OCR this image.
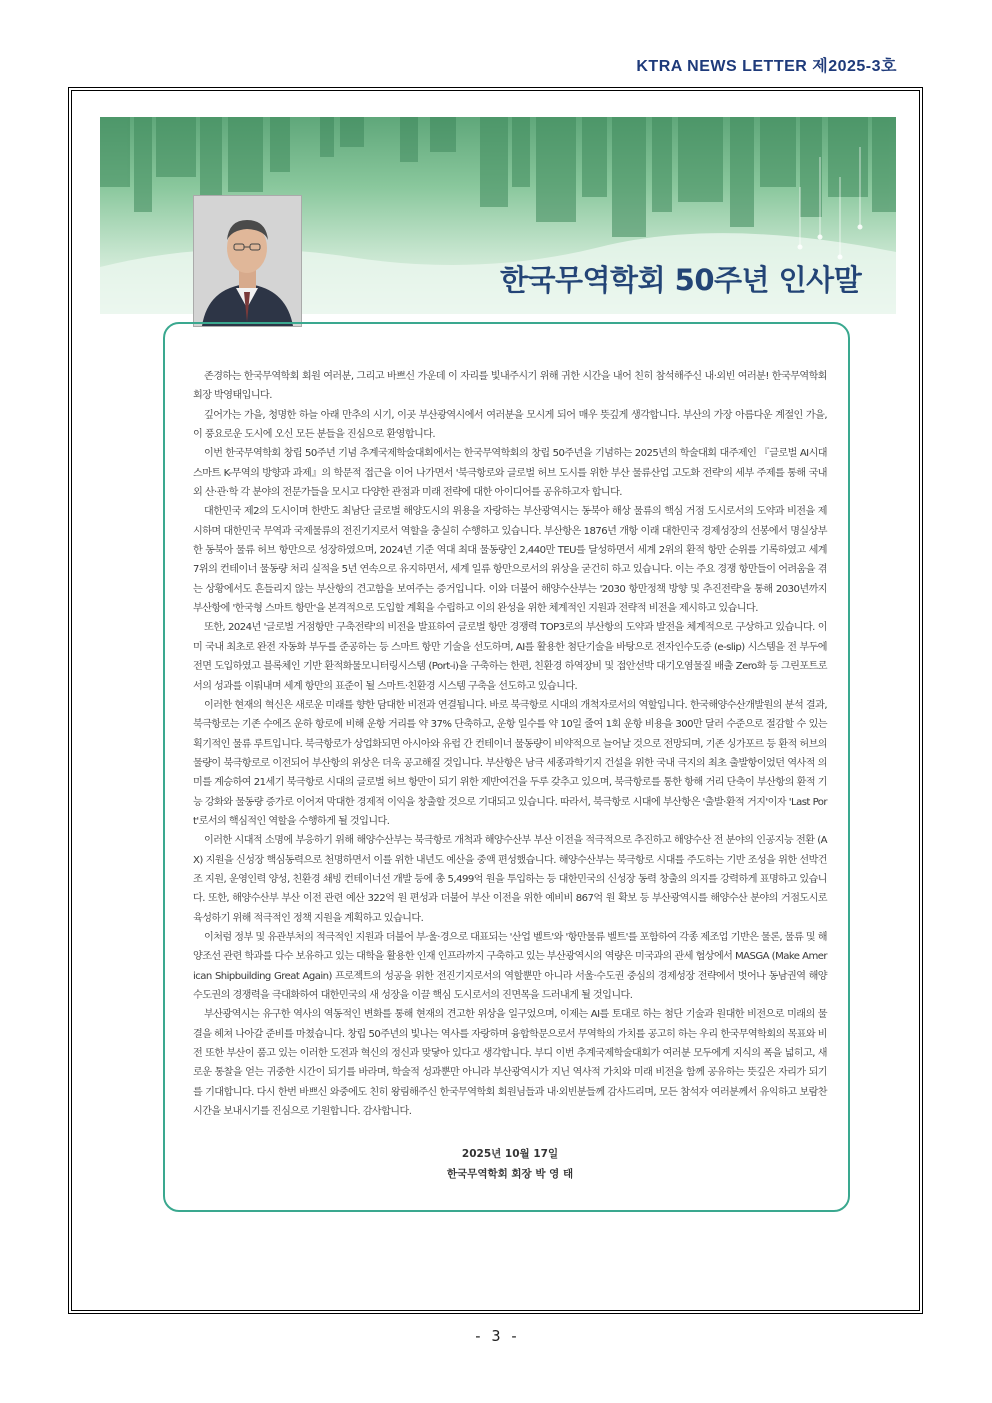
KTRA NEWS LETTER 제2025-3호
한국무역학회 50주년 인사말

존경하는 한국무역학회 회원 여러분, 그리고 바쁘신 가운데 이 자리를 빛내주시기 위해 귀한 시간을 내어 친히 참석해주신 내·외빈 여러분! 한국무역학회 회장 박영태입니다.

깊어가는 가을, 청명한 하늘 아래 만추의 시기, 이곳 부산광역시에서 여러분을 모시게 되어 매우 뜻깊게 생각합니다. 부산의 가장 아름다운 계절인 가을, 이 풍요로운 도시에 오신 모든 분들을 진심으로 환영합니다.

이번 한국무역학회 창립 50주년 기념 추계국제학술대회에서는 한국무역학회의 창립 50주년을 기념하는 2025년의 학술대회 대주제인 『글로벌 AI시대 스마트 K-무역의 방향과 과제』의 학문적 접근을 이어 나가면서 '북극항로와 글로벌 허브 도시를 위한 부산 물류산업 고도화 전략'의 세부 주제를 통해 국내외 산·관·학 각 분야의 전문가들을 모시고 다양한 관점과 미래 전략에 대한 아이디어를 공유하고자 합니다.

대한민국 제2의 도시이며 한반도 최남단 글로벌 해양도시의 위용을 자랑하는 부산광역시는 동북아 해상 물류의 핵심 거점 도시로서의 도약과 비전을 제시하며 대한민국 무역과 국제물류의 전진기지로서 역할을 충실히 수행하고 있습니다. 부산항은 1876년 개항 이래 대한민국 경제성장의 선봉에서 명실상부한 동북아 물류 허브 항만으로 성장하였으며, 2024년 기준 역대 최대 물동량인 2,440만 TEU를 달성하면서 세계 2위의 환적 항만 순위를 기록하였고 세계 7위의 컨테이너 물동량 처리 실적을 5년 연속으로 유지하면서, 세계 일류 항만으로서의 위상을 굳건히 하고 있습니다. 이는 주요 경쟁 항만들이 어려움을 겪는 상황에서도 흔들리지 않는 부산항의 견고함을 보여주는 증거입니다. 이와 더불어 해양수산부는 '2030 항만정책 방향 및 추진전략'을 통해 2030년까지 부산항에 '한국형 스마트 항만'을 본격적으로 도입할 계획을 수립하고 이의 완성을 위한 체계적인 지원과 전략적 비전을 제시하고 있습니다.

또한, 2024년 '글로벌 거점항만 구축전략'의 비전을 발표하여 글로벌 항만 경쟁력 TOP3로의 부산항의 도약과 발전을 체계적으로 구상하고 있습니다. 이미 국내 최초로 완전 자동화 부두를 준공하는 등 스마트 항만 기술을 선도하며, AI를 활용한 첨단기술을 바탕으로 전자인수도증 (e-slip) 시스템을 전 부두에 전면 도입하였고 블록체인 기반 환적화물모니터링시스템 (Port-i)을 구축하는 한편, 친환경 하역장비 및 접안선박 대기오염물질 배출 Zero화 등 그린포트로서의 성과를 이뤄내며 세계 항만의 표준이 될 스마트·친환경 시스템 구축을 선도하고 있습니다.

이러한 현재의 혁신은 새로운 미래를 향한 담대한 비전과 연결됩니다. 바로 북극항로 시대의 개척자로서의 역할입니다. 한국해양수산개발원의 분석 결과, 북극항로는 기존 수에즈 운하 항로에 비해 운항 거리를 약 37% 단축하고, 운항 일수를 약 10일 줄여 1회 운항 비용을 300만 달러 수준으로 절감할 수 있는 획기적인 물류 루트입니다. 북극항로가 상업화되면 아시아와 유럽 간 컨테이너 물동량이 비약적으로 늘어날 것으로 전망되며, 기존 싱가포르 등 환적 허브의 물량이 북극항로로 이전되어 부산항의 위상은 더욱 공고해질 것입니다. 부산항은 남극 세종과학기지 건설을 위한 국내 극지의 최초 출발항이었던 역사적 의미를 계승하여 21세기 북극항로 시대의 글로벌 허브 항만이 되기 위한 제반여건을 두루 갖추고 있으며, 북극항로를 통한 항해 거리 단축이 부산항의 환적 기능 강화와 물동량 증가로 이어져 막대한 경제적 이익을 창출할 것으로 기대되고 있습니다. 따라서, 북극항로 시대에 부산항은 '출발·환적 거지'이자 'Last Port'로서의 핵심적인 역할을 수행하게 될 것입니다.

이러한 시대적 소명에 부응하기 위해 해양수산부는 북극항로 개척과 해양수산부 부산 이전을 적극적으로 추진하고 해양수산 전 분야의 인공지능 전환 (AX) 지원을 신성장 핵심동력으로 천명하면서 이를 위한 내년도 예산을 중액 편성했습니다. 해양수산부는 북극항로 시대를 주도하는 기반 조성을 위한 선박건조 지원, 운영인력 양성, 친환경 쇄빙 컨테이너선 개발 등에 총 5,499억 원을 투입하는 등 대한민국의 신성장 동력 창출의 의지를 강력하게 표명하고 있습니다. 또한, 해양수산부 부산 이전 관련 예산 322억 원 편성과 더불어 부산 이전을 위한 예비비 867억 원 확보 등 부산광역시를 해양수산 분야의 거점도시로 육성하기 위해 적극적인 정책 지원을 계획하고 있습니다.

이처럼 정부 및 유관부처의 적극적인 지원과 더불어 부·울·경으로 대표되는 '산업 벨트'와 '항만물류 벨트'를 포함하여 각종 제조업 기반은 물론, 물류 및 해양조선 관련 학과를 다수 보유하고 있는 대학을 활용한 인재 인프라까지 구축하고 있는 부산광역시의 역량은 미국과의 관세 협상에서 MASGA (Make American Shipbuilding Great Again) 프로젝트의 성공을 위한 전진기지로서의 역할뿐만 아니라 서울·수도권 중심의 경제성장 전략에서 벗어나 동남권역 해양 수도권의 경쟁력을 극대화하여 대한민국의 새 성장을 이끌 핵심 도시로서의 진면목을 드러내게 될 것입니다.

부산광역시는 유구한 역사의 역동적인 변화를 통해 현재의 견고한 위상을 일구었으며, 이제는 AI를 토대로 하는 첨단 기술과 원대한 비전으로 미래의 물결을 헤쳐 나아갈 준비를 마쳤습니다. 창립 50주년의 빛나는 역사를 자랑하며 융합학문으로서 무역학의 가치를 공고히 하는 우리 한국무역학회의 목표와 비전 또한 부산이 품고 있는 이러한 도전과 혁신의 정신과 맞닿아 있다고 생각합니다. 부디 이번 추계국제학술대회가 여러분 모두에게 지식의 폭을 넓히고, 새로운 통찰을 얻는 귀중한 시간이 되기를 바라며, 학술적 성과뿐만 아니라 부산광역시가 지닌 역사적 가치와 미래 비전을 함께 공유하는 뜻깊은 자리가 되기를 기대합니다. 다시 한번 바쁘신 와중에도 친히 왕림해주신 한국무역학회 회원님들과 내·외빈분들께 감사드리며, 모든 참석자 여러분께서 유익하고 보람찬 시간을 보내시기를 진심으로 기원합니다. 감사합니다.

2025년 10월 17일
한국무역학회 회장 박 영 태
- 3 -
